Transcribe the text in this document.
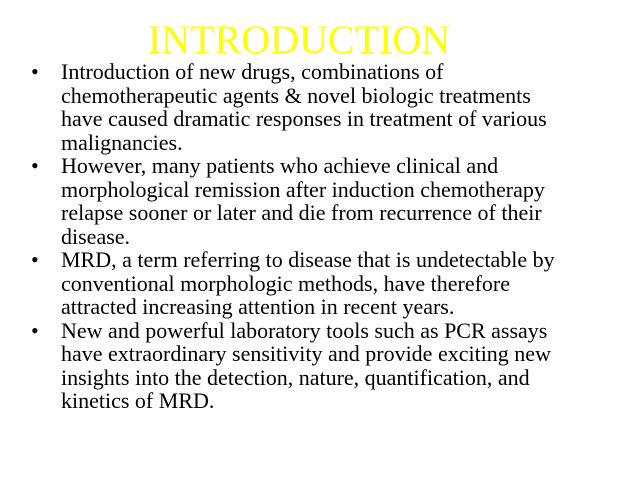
INTRODUCTION
• Introduction of new drugs, combinations of
chemotherapeutic agents & novel biologic treatments
have caused dramatic responses in treatment of various
malignancies.
• However, many patients who achieve clinical and
morphological remission after induction chemotherapy
relapse sooner or later and die from recurrence of their
disease.
• MRD, a term referring to disease that is undetectable by
conventional morphologic methods, have therefore
attracted increasing attention in recent years.
• New and powerful laboratory tools such as PCR assays
have extraordinary sensitivity and provide exciting new
insights into the detection, nature, quantification, and
kinetics of MRD.
